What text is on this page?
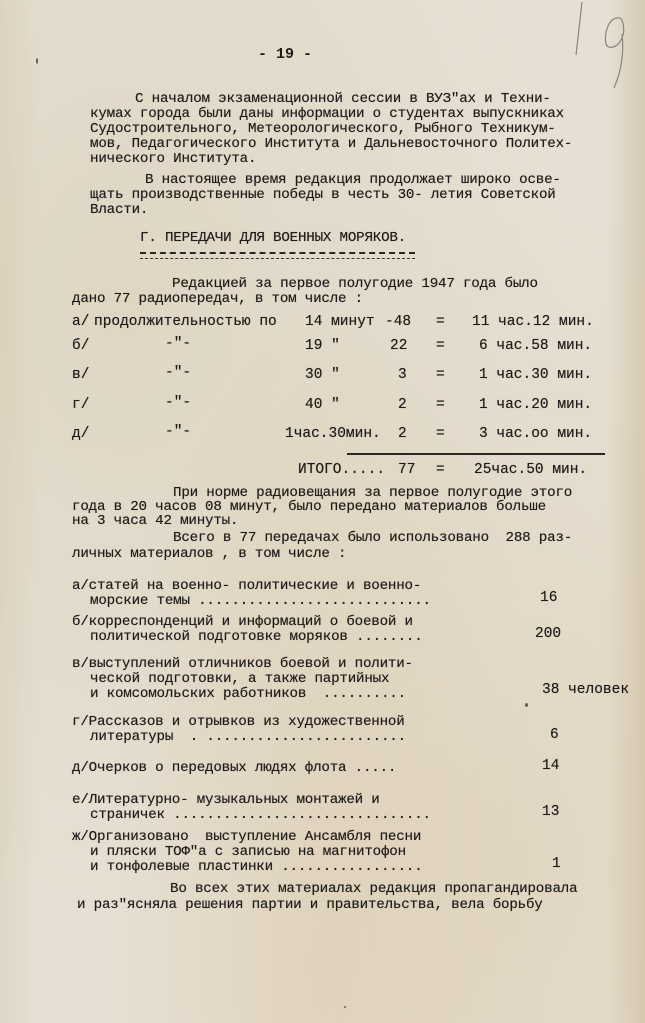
- 19 -
С началом экзаменационной сессии в ВУЗ"ах и Техни-
кумах города были даны информации о студентах выпускниках
Судостроительного, Метеорологического, Рыбного Техникум-
мов, Педагогического Института и Дальневосточного Политех-
нического Института.
В настоящее время редакция продолжает широко осве-
щать производственные победы в честь 30- летия Советской
Власти.
Г. ПЕРЕДАЧИ ДЛЯ ВОЕННЫХ МОРЯКОВ.
Редакцией за первое полугодие 1947 года было
дано 77 радиопередач, в том числе :
а/ продолжительностью по 14 минут -48 = 11 час.12 мин.
б/	-"-	19 "	22 = 6 час.58 мин.
в/	-"-	30 "	3 = 1 час.30 мин.
г/	-"-	40 "	2 = 1 час.20 мин.
д/	-"-	1час.30мин. 2 = 3 час.оо мин.
ИТОГО..... 77 = 25час.50 мин.
При норме радиовещания за первое полугодие этого
года в 20 часов 08 минут, было передано материалов больше
на 3 часа 42 минуты.
Всего в 77 передачах было использовано  288 раз-
личных материалов , в том числе :
а/статей на военно- политические и военно-
морские темы ............................	16
б/корреспонденций и информаций о боевой и
политической подготовке моряков ........	200
в/выступлений отличников боевой и полити-
ческой подготовки, а также партийных
и комсомольских работников  ..........	38 человек
г/Рассказов и отрывков из художественной
литературы  . ........................	6
д/Очерков о передовых людях флота .....	14
е/Литературно- музыкальных монтажей и
страничек ...............................	13
ж/Организовано  выступление Ансамбля песни
и пляски ТОФ"а с записью на магнитофон
и тонфолевые пластинки .................	1
Во всех этих материалах редакция пропагандировала
и раз"ясняла решения партии и правительства, вела борьбу
